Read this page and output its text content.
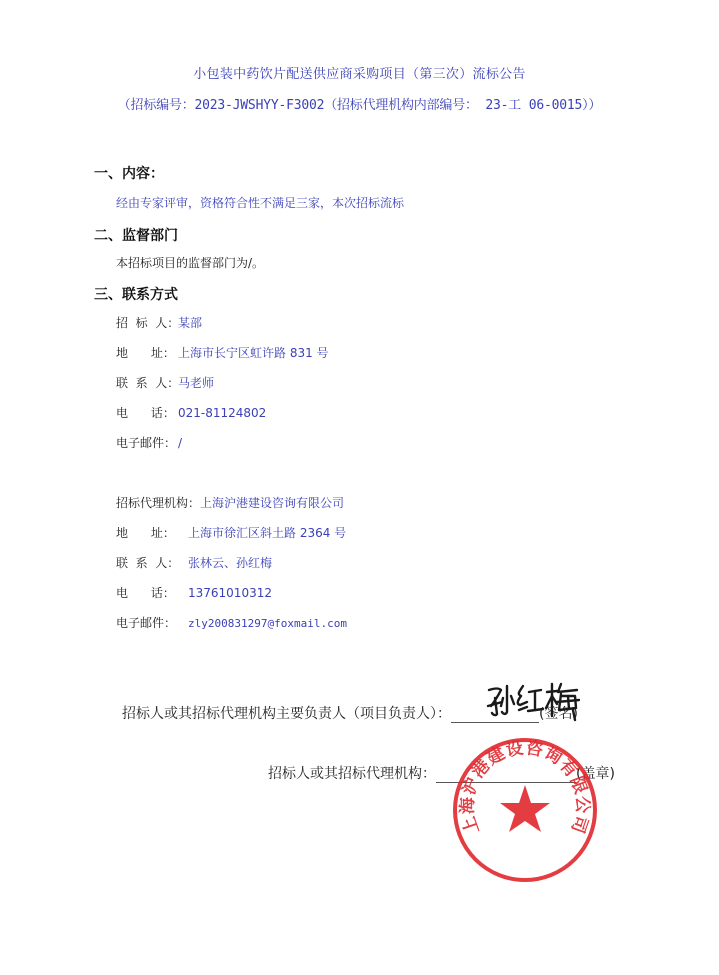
小包装中药饮片配送供应商采购项目（第三次）流标公告
（招标编号：2023-JWSHYY-F3002（招标代理机构内部编号： 23-工 06-0015））
一、内容：
经由专家评审，资格符合性不满足三家，本次招标流标
二、监督部门
本招标项目的监督部门为/。
三、联系方式
招  标  人：某部
地      址： 上海市长宁区虹许路 831 号
联  系  人：马老师
电      话： 021-81124802
电子邮件： /
招标代理机构：上海沪港建设咨询有限公司
地      址： 上海市徐汇区斜土路 2364 号
联  系  人： 张林云、孙红梅
电      话： 13761010312
电子邮件： zly200831297@foxmail.com
招标人或其招标代理机构主要负责人（项目负责人）：	(签名)
招标人或其招标代理机构：	(盖章)
上海沪港建设咨询有限公司
